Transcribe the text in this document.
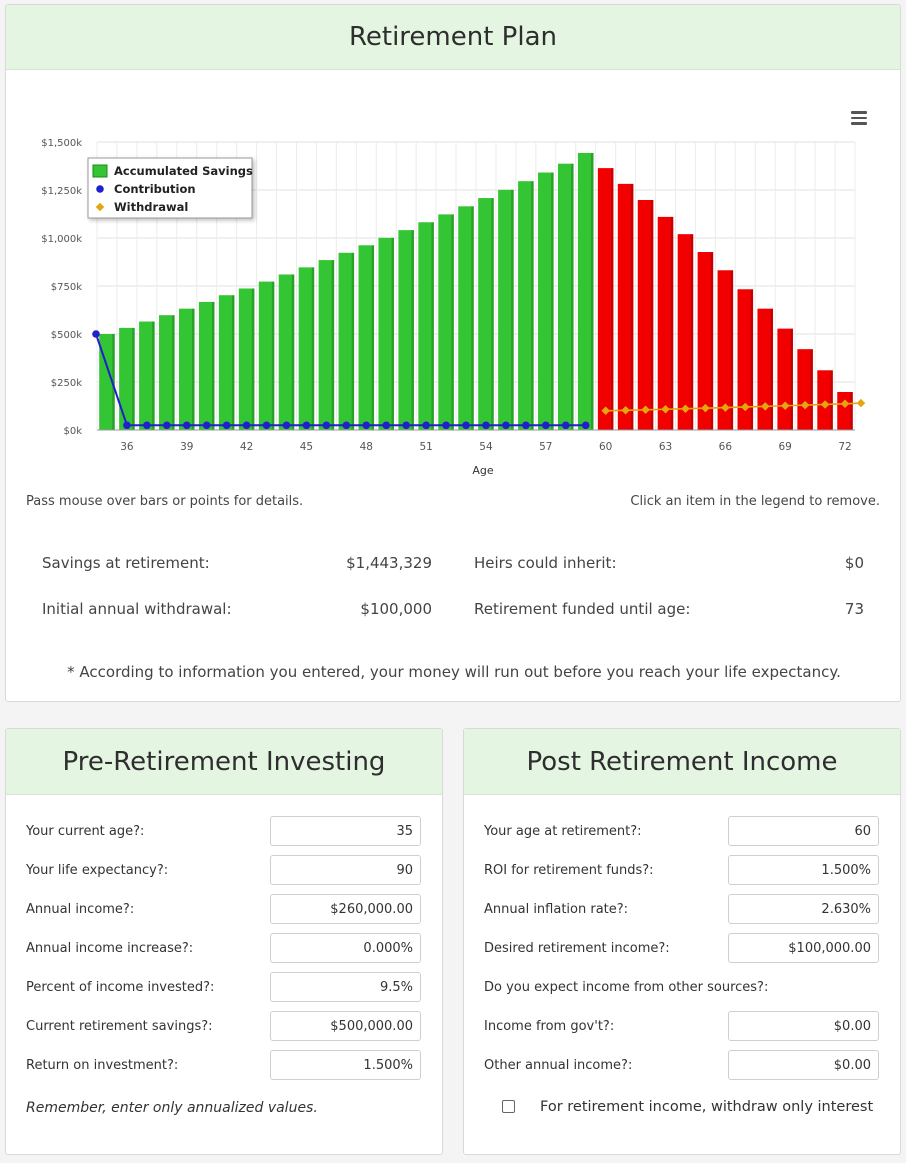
Retirement Plan
$0k
$250k
$500k
$750k
$1,000k
$1,250k
$1,500k
36	39	42	45	48	51	54	57	60	63	66	69	72
Age
Accumulated Savings
Contribution
Withdrawal
Pass mouse over bars or points for details.	Click an item in the legend to remove.
Savings at retirement:	$1,443,329
Initial annual withdrawal:	$100,000
Heirs could inherit:	$0
Retirement funded until age:	73
* According to information you entered, your money will run out before you reach your life expectancy.
Pre-Retirement Investing
Your current age?:
35
Your life expectancy?:
90
Annual income?:
$260,000.00
Annual income increase?:
0.000%
Percent of income invested?:
9.5%
Current retirement savings?:
$500,000.00
Return on investment?:
1.500%
Remember, enter only annualized values.
Post Retirement Income
Your age at retirement?:
60
ROI for retirement funds?:
1.500%
Annual inflation rate?:
2.630%
Desired retirement income?:
$100,000.00
Do you expect income from other sources?:
Income from gov't?:
$0.00
Other annual income?:
$0.00
For retirement income, withdraw only interest
